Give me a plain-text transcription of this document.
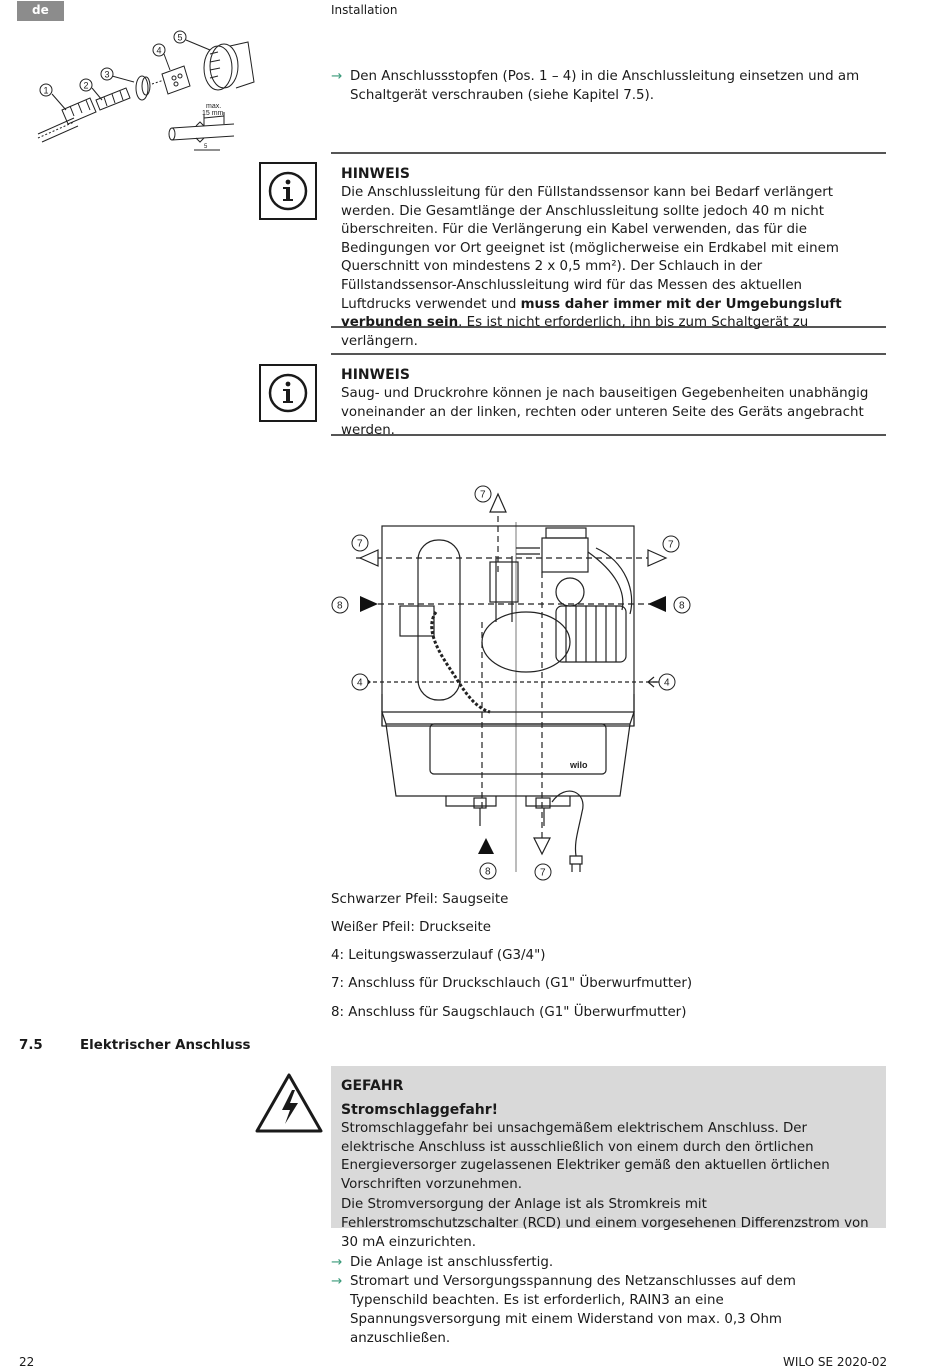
de	Installation
1	2
3
4
5
max.
15 mm
5
→ Den Anschlussstopfen (Pos. 1 – 4) in die Anschlussleitung einsetzen und am Schaltgerät verschrauben (siehe Kapitel 7.5).
HINWEIS
Die Anschlussleitung für den Füllstandssensor kann bei Bedarf verlängert werden. Die Gesamtlänge der Anschlussleitung sollte jedoch 40 m nicht überschreiten. Für die Verlängerung ein Kabel verwenden, das für die Bedingungen vor Ort geeignet ist (möglicherweise ein Erdkabel mit einem Querschnitt von mindestens 2 x 0,5 mm²). Der Schlauch in der Füllstandssensor-Anschlussleitung wird für das Messen des aktuellen Luftdrucks verwendet und muss daher immer mit der Umgebungsluft verbunden sein. Es ist nicht erforderlich, ihn bis zum Schaltgerät zu verlängern.
HINWEIS
Saug- und Druckrohre können je nach bauseitigen Gegebenheiten unabhängig voneinander an der linken, rechten oder unteren Seite des Geräts angebracht werden.
wilo
7
7	7
8	8
4	4
8	7
Schwarzer Pfeil: Saugseite
Weißer Pfeil: Druckseite
4: Leitungswasserzulauf (G3/4")
7: Anschluss für Druckschlauch (G1" Überwurfmutter)
8: Anschluss für Saugschlauch (G1" Überwurfmutter)
7.5	Elektrischer Anschluss
GEFAHR
Stromschlaggefahr!
Stromschlaggefahr bei unsachgemäßem elektrischem Anschluss. Der elektrische Anschluss ist ausschließlich von einem durch den örtlichen Energieversorger zugelassenen Elektriker gemäß den aktuellen örtlichen Vorschriften vorzunehmen.
Die Stromversorgung der Anlage ist als Stromkreis mit Fehlerstromschutzschalter (RCD) und einem vorgesehenen Differenzstrom von 30 mA einzurichten.
→ Die Anlage ist anschlussfertig.
→ Stromart und Versorgungsspannung des Netzanschlusses auf dem Typenschild beachten. Es ist erforderlich, RAIN3 an eine Spannungsversorgung mit einem Widerstand von max. 0,3 Ohm anzuschließen.
22	WILO SE 2020-02
